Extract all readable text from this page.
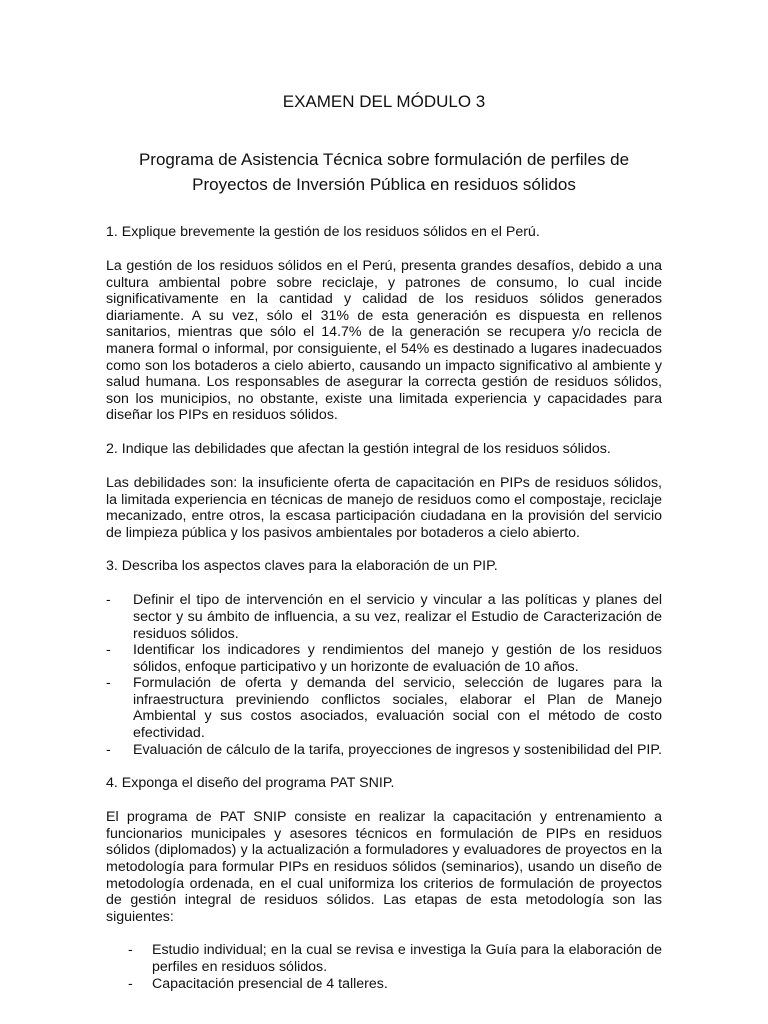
EXAMEN DEL MÓDULO 3
Programa de Asistencia Técnica sobre formulación de perfiles de
Proyectos de Inversión Pública en residuos sólidos

1. Explique brevemente la gestión de los residuos sólidos en el Perú.

La gestión de los residuos sólidos en el Perú, presenta grandes desafíos, debido a una cultura ambiental pobre sobre reciclaje, y patrones de consumo, lo cual incide significativamente en la cantidad y calidad de los residuos sólidos generados diariamente. A su vez, sólo el 31% de esta generación es dispuesta en rellenos sanitarios, mientras que sólo el 14.7% de la generación se recupera y/o recicla de manera formal o informal, por consiguiente, el 54% es destinado a lugares inadecuados como son los botaderos a cielo abierto, causando un impacto significativo al ambiente y salud humana. Los responsables de asegurar la correcta gestión de residuos sólidos, son los municipios, no obstante, existe una limitada experiencia y capacidades para diseñar los PIPs en residuos sólidos.

2. Indique las debilidades que afectan la gestión integral de los residuos sólidos.

Las debilidades son: la insuficiente oferta de capacitación en PIPs de residuos sólidos, la limitada experiencia en técnicas de manejo de residuos como el compostaje, reciclaje mecanizado, entre otros, la escasa participación ciudadana en la provisión del servicio de limpieza pública y los pasivos ambientales por botaderos a cielo abierto.

3. Describa los aspectos claves para la elaboración de un PIP.

- Definir el tipo de intervención en el servicio y vincular a las políticas y planes del sector y su ámbito de influencia, a su vez, realizar el Estudio de Caracterización de residuos sólidos.
- Identificar los indicadores y rendimientos del manejo y gestión de los residuos sólidos, enfoque participativo y un horizonte de evaluación de 10 años.
- Formulación de oferta y demanda del servicio, selección de lugares para la infraestructura previniendo conflictos sociales, elaborar el Plan de Manejo Ambiental y sus costos asociados, evaluación social con el método de costo efectividad.
- Evaluación de cálculo de la tarifa, proyecciones de ingresos y sostenibilidad del PIP.

4. Exponga el diseño del programa PAT SNIP.

El programa de PAT SNIP consiste en realizar la capacitación y entrenamiento a funcionarios municipales y asesores técnicos en formulación de PIPs en residuos sólidos (diplomados) y la actualización a formuladores y evaluadores de proyectos en la metodología para formular PIPs en residuos sólidos (seminarios), usando un diseño de metodología ordenada, en el cual uniformiza los criterios de formulación de proyectos de gestión integral de residuos sólidos. Las etapas de esta metodología son las siguientes:

- Estudio individual; en la cual se revisa e investiga la Guía para la elaboración de perfiles en residuos sólidos.
- Capacitación presencial de 4 talleres.
